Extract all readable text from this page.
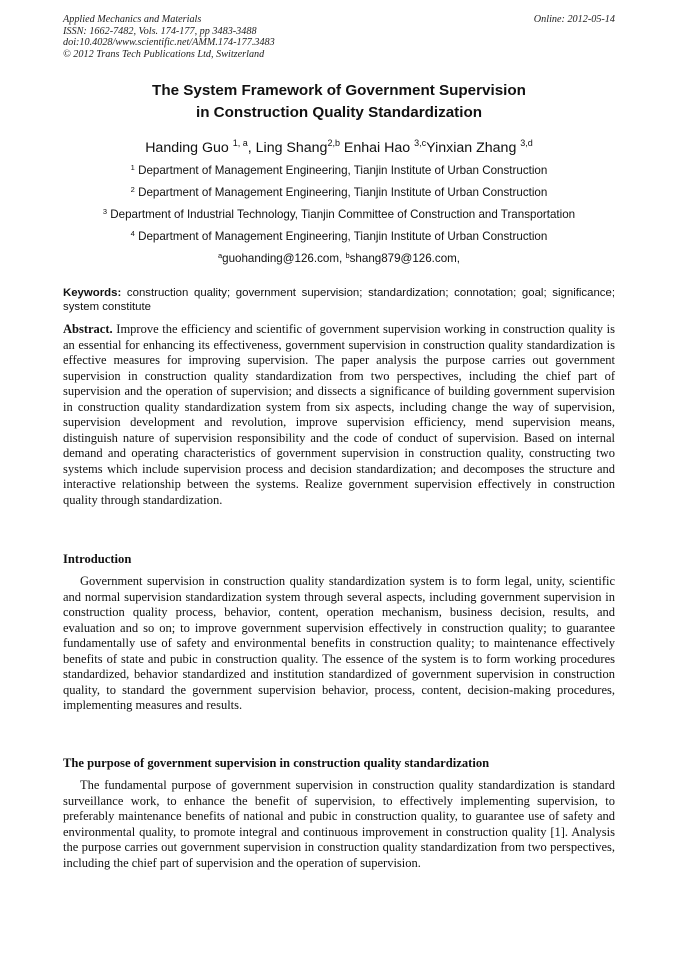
Applied Mechanics and Materials
ISSN: 1662-7482, Vols. 174-177, pp 3483-3488
doi:10.4028/www.scientific.net/AMM.174-177.3483
© 2012 Trans Tech Publications Ltd, Switzerland
Online: 2012-05-14
The System Framework of Government Supervision
in Construction Quality Standardization
Handing Guo $^{1, a}$, Ling Shang$^{2,b}$ Enhai Hao $^{3,c}$Yinxian Zhang $^{3,d}$
$^1$ Department of Management Engineering, Tianjin Institute of Urban Construction
$^2$ Department of Management Engineering, Tianjin Institute of Urban Construction
$^3$ Department of Industrial Technology, Tianjin Committee of Construction and Transportation
$^4$ Department of Management Engineering, Tianjin Institute of Urban Construction
$^a$guohanding@126.com, $^b$shang879@126.com,
Keywords: construction quality; government supervision; standardization; connotation; goal; significance; system constitute
Abstract. Improve the efficiency and scientific of government supervision working in construction quality is an essential for enhancing its effectiveness, government supervision in construction quality standardization is effective measures for improving supervision. The paper analysis the purpose carries out government supervision in construction quality standardization from two perspectives, including the chief part of supervision and the operation of supervision; and dissects a significance of building government supervision in construction quality standardization system from six aspects, including change the way of supervision, supervision development and revolution, improve supervision efficiency, mend supervision means, distinguish nature of supervision responsibility and the code of conduct of supervision. Based on internal demand and operating characteristics of government supervision in construction quality, constructing two systems which include supervision process and decision standardization; and decomposes the structure and interactive relationship between the systems. Realize government supervision effectively in construction quality through standardization.
Introduction
Government supervision in construction quality standardization system is to form legal, unity, scientific and normal supervision standardization system through several aspects, including government supervision in construction quality process, behavior, content, operation mechanism, business decision, results, and evaluation and so on; to improve government supervision effectively in construction quality; to guarantee fundamentally use of safety and environmental benefits in construction quality; to maintenance effectively benefits of state and pubic in construction quality. The essence of the system is to form working procedures standardized, behavior standardized and institution standardized of government supervision in construction quality, to standard the government supervision behavior, process, content, decision-making procedures, implementing measures and results.
The purpose of government supervision in construction quality standardization
The fundamental purpose of government supervision in construction quality standardization is standard surveillance work, to enhance the benefit of supervision, to effectively implementing supervision, to preferably maintenance benefits of national and pubic in construction quality, to guarantee use of safety and environmental quality, to promote integral and continuous improvement in construction quality [1]. Analysis the purpose carries out government supervision in construction quality standardization from two perspectives, including the chief part of supervision and the operation of supervision.
